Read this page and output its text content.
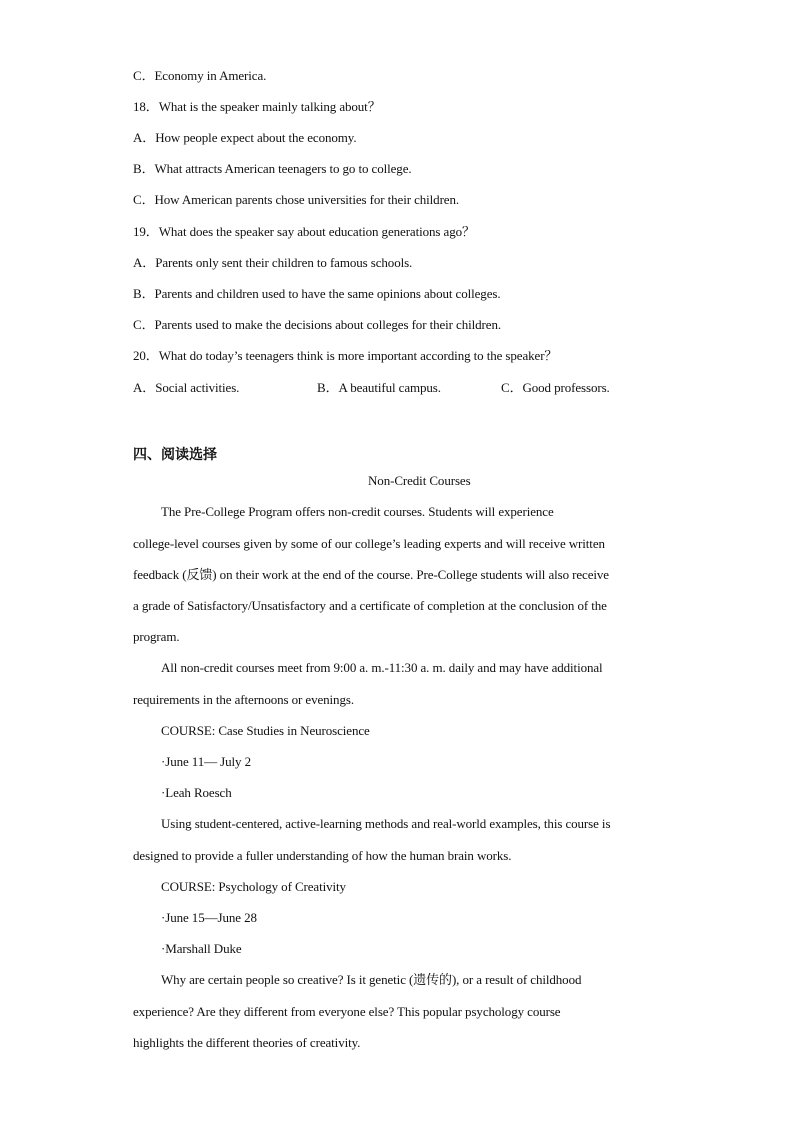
C．Economy in America.
18．What is the speaker mainly talking about？
A．How people expect about the economy.
B．What attracts American teenagers to go to college.
C．How American parents chose universities for their children.
19．What does the speaker say about education generations ago？
A．Parents only sent their children to famous schools.
B．Parents and children used to have the same opinions about colleges.
C．Parents used to make the decisions about colleges for their children.
20．What do today’s teenagers think is more important according to the speaker？
A．Social activities.	B．A beautiful campus.	C．Good professors.
四、阅读选择
Non-Credit Courses
The Pre-College Program offers non-credit courses. Students will experience
college-level courses given by some of our college’s leading experts and will receive written
feedback (反馈) on their work at the end of the course. Pre-College students will also receive
a grade of Satisfactory/Unsatisfactory and a certificate of completion at the conclusion of the
program.
All non-credit courses meet from 9:00 a. m.-11:30 a. m. daily and may have additional
requirements in the afternoons or evenings.
COURSE: Case Studies in Neuroscience
·June 11— July 2
·Leah Roesch
Using student-centered, active-learning methods and real-world examples, this course is
designed to provide a fuller understanding of how the human brain works.
COURSE: Psychology of Creativity
·June 15—June 28
·Marshall Duke
Why are certain people so creative? Is it genetic (遗传的), or a result of childhood
experience? Are they different from everyone else? This popular psychology course
highlights the different theories of creativity.
